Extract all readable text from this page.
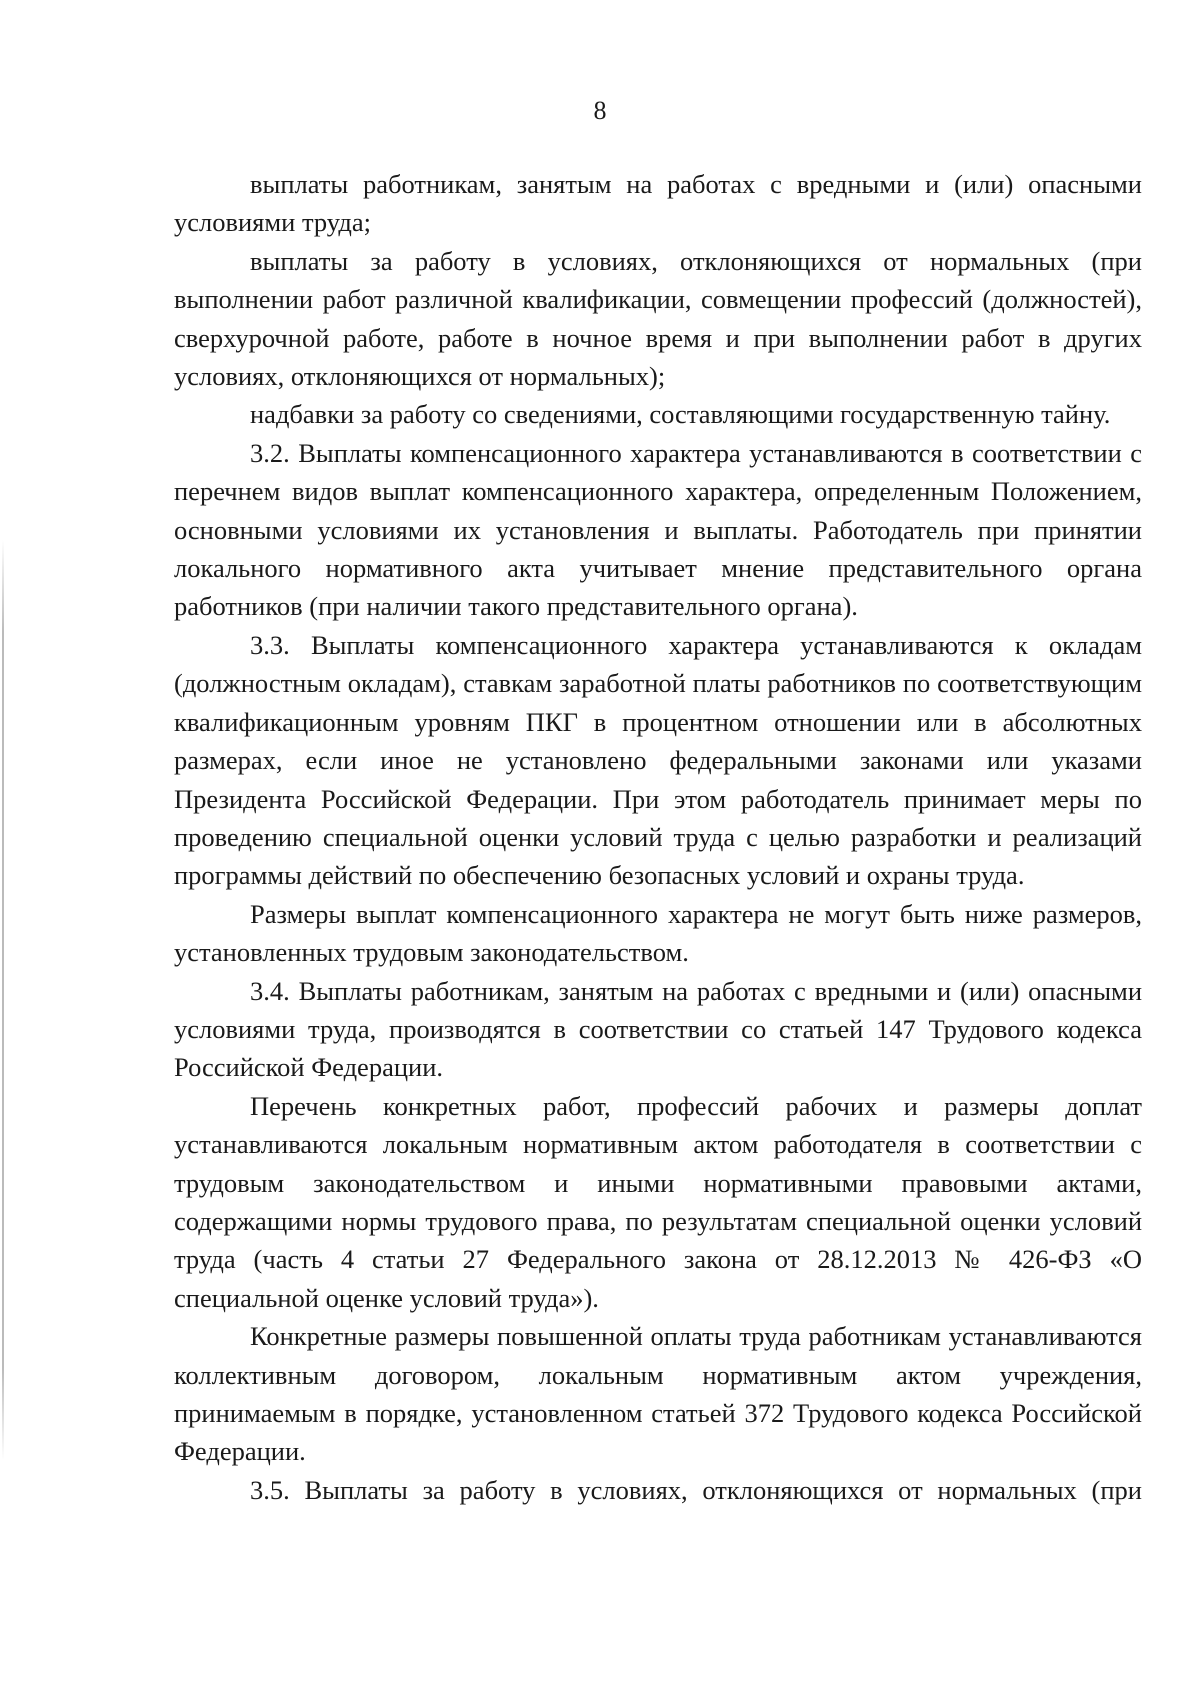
8

выплаты работникам, занятым на работах с вредными и (или) опасными условиями труда;

выплаты за работу в условиях, отклоняющихся от нормальных (при выполнении работ различной квалификации, совмещении профессий (должностей), сверхурочной работе, работе в ночное время и при выполнении работ в других условиях, отклоняющихся от нормальных);

надбавки за работу со сведениями, составляющими государственную тайну.

3.2. Выплаты компенсационного характера устанавливаются в соответствии с перечнем видов выплат компенсационного характера, определенным Положением, основными условиями их установления и выплаты. Работодатель при принятии локального нормативного акта учитывает мнение представительного органа работников (при наличии такого представительного органа).

3.3. Выплаты компенсационного характера устанавливаются к окладам (должностным окладам), ставкам заработной платы работников по соответствующим квалификационным уровням ПКГ в процентном отношении или в абсолютных размерах, если иное не установлено федеральными законами или указами Президента Российской Федерации. При этом работодатель принимает меры по проведению специальной оценки условий труда с целью разработки и реализаций программы действий по обеспечению безопасных условий и охраны труда.

Размеры выплат компенсационного характера не могут быть ниже размеров, установленных трудовым законодательством.

3.4. Выплаты работникам, занятым на работах с вредными и (или) опасными условиями труда, производятся в соответствии со статьей 147 Трудового кодекса Российской Федерации.

Перечень конкретных работ, профессий рабочих и размеры доплат устанавливаются локальным нормативным актом работодателя в соответствии с трудовым законодательством и иными нормативными правовыми актами, содержащими нормы трудового права, по результатам специальной оценки условий труда (часть 4 статьи 27 Федерального закона от 28.12.2013 № 426-ФЗ «О специальной оценке условий труда»).

Конкретные размеры повышенной оплаты труда работникам устанавливаются коллективным договором, локальным нормативным актом учреждения, принимаемым в порядке, установленном статьей 372 Трудового кодекса Российской Федерации.

3.5. Выплаты за работу в условиях, отклоняющихся от нормальных (при
